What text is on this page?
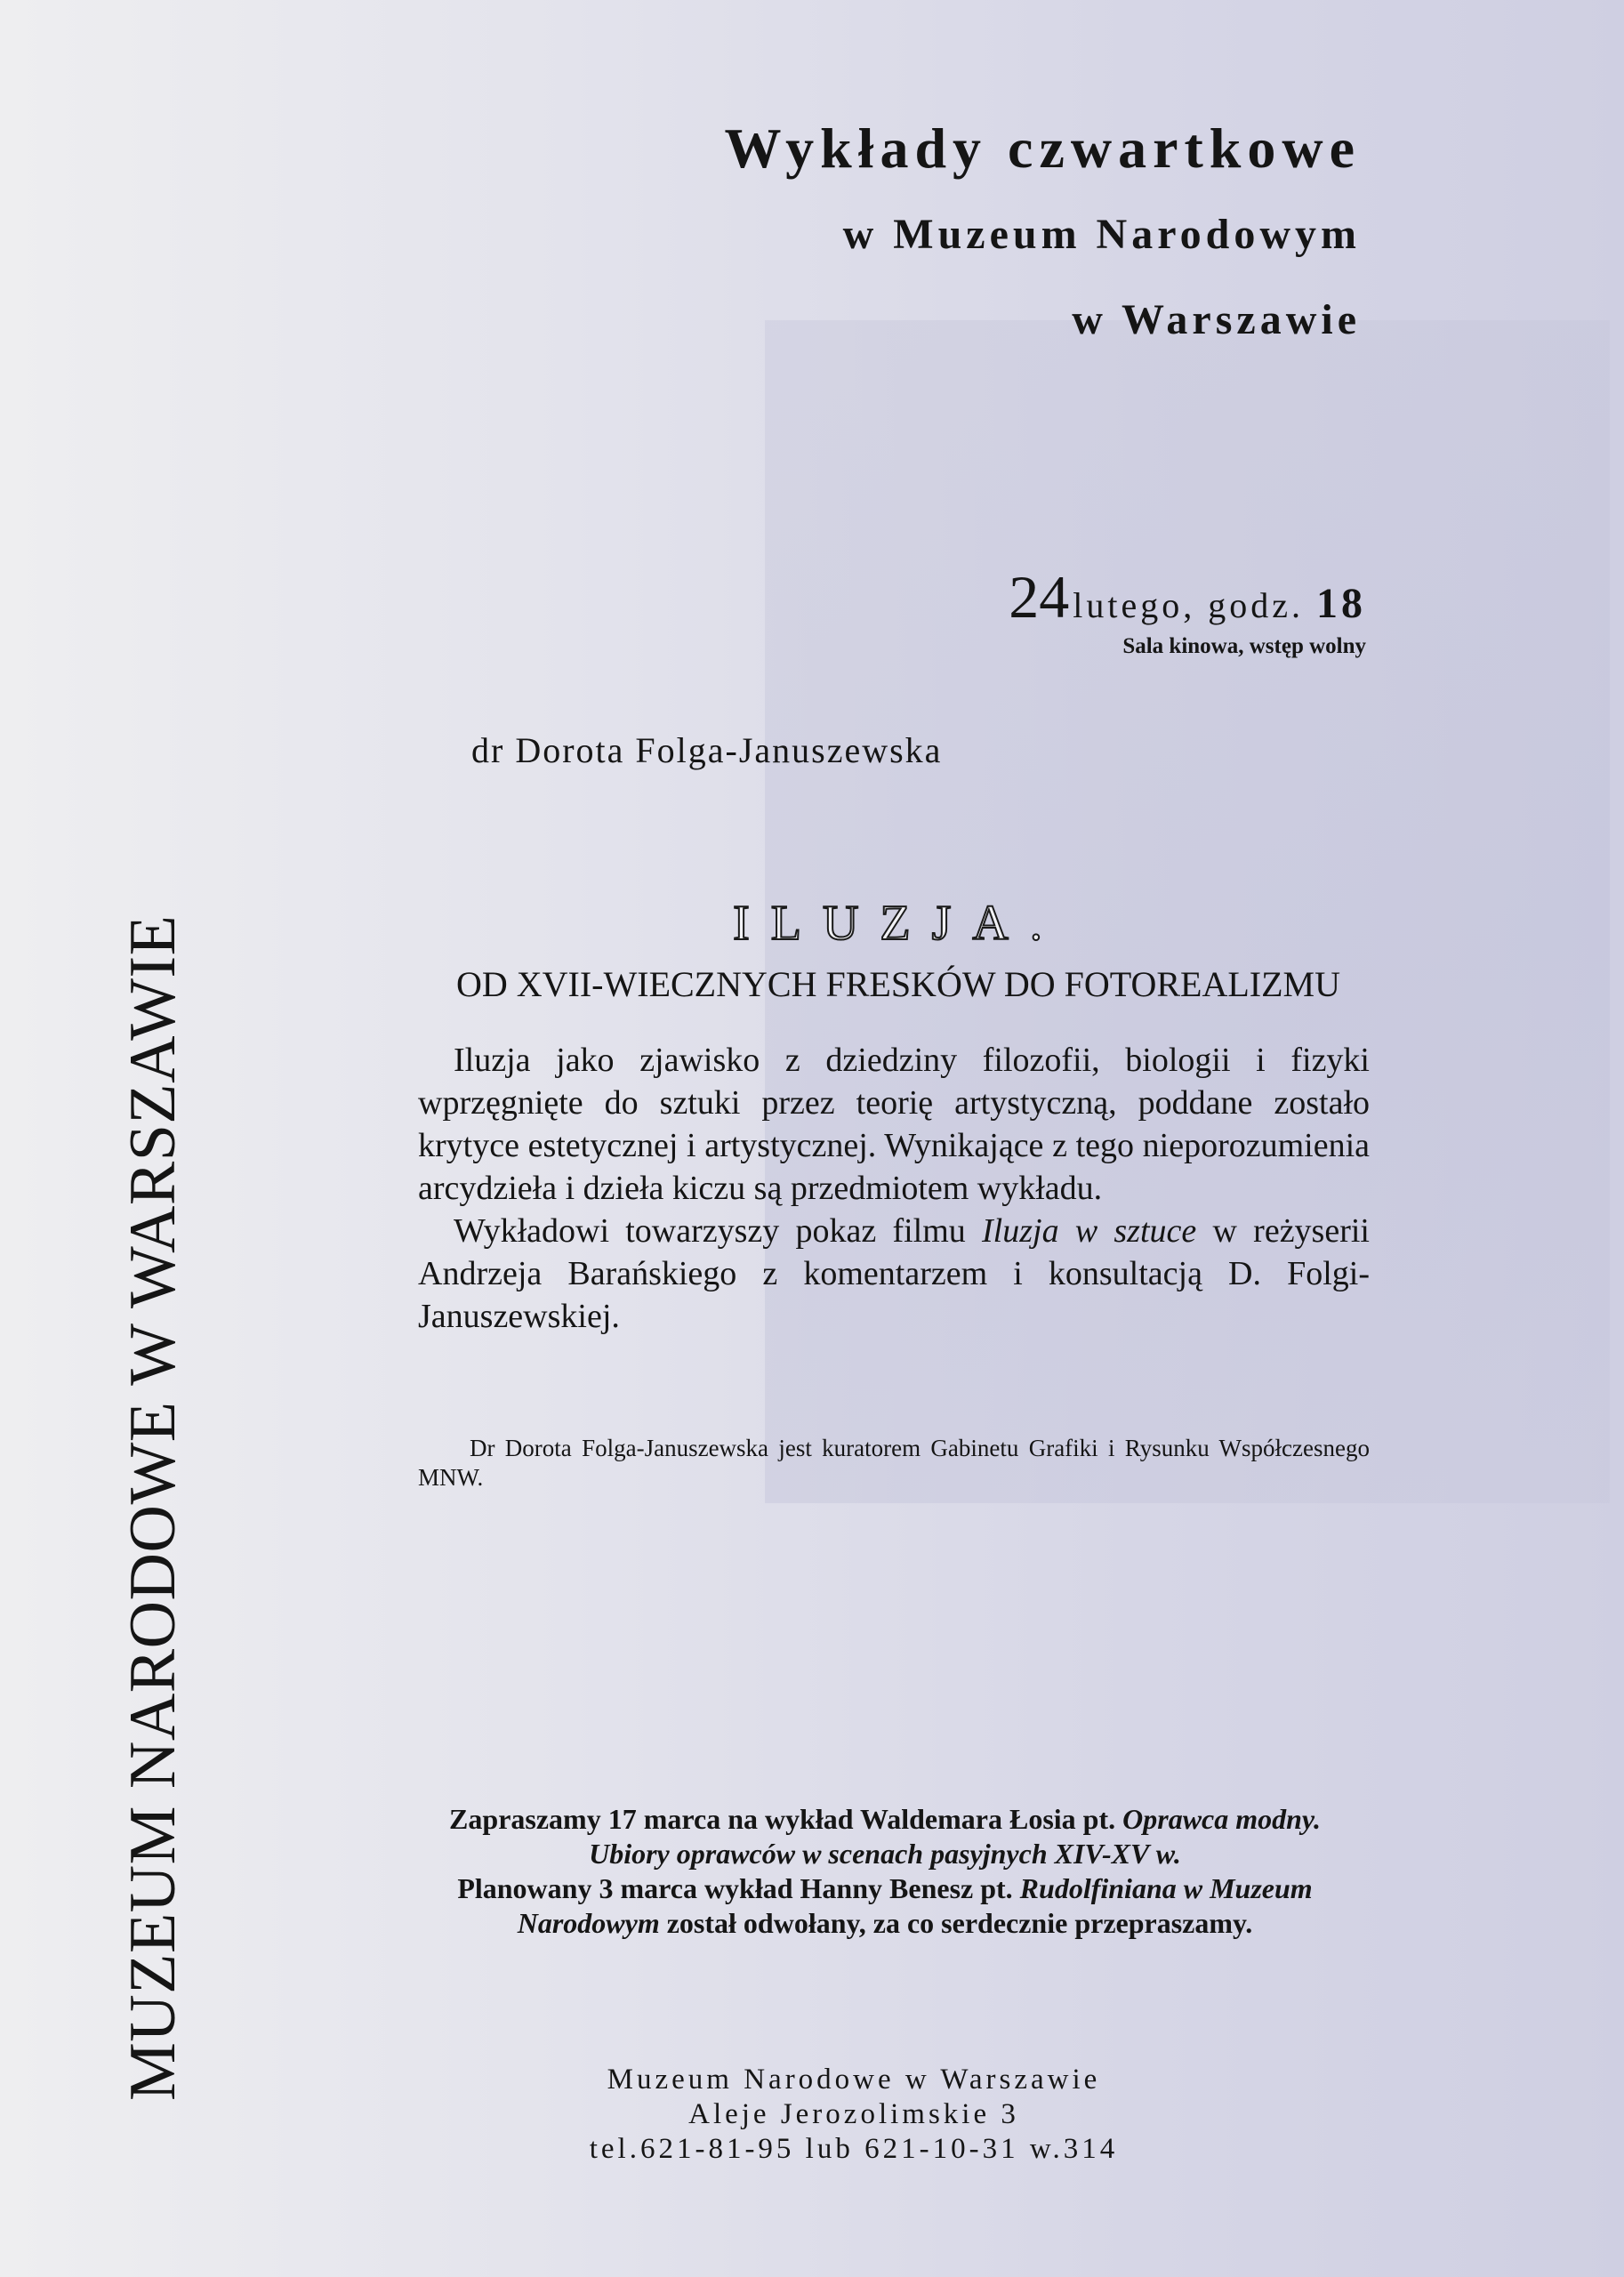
MUZEUM NARODOWE W WARSZAWIE
Wykłady czwartkowe
w Muzeum Narodowym
w Warszawie
24 lutego, godz. 18
Sala kinowa, wstęp wolny
dr Dorota Folga-Januszewska
ILUZJA.
OD XVII-WIECZNYCH FRESKÓW DO FOTOREALIZMU

Iluzja jako zjawisko z dziedziny filozofii, biologii i fizyki wprzęgnięte do sztuki przez teorię artystyczną, poddane zostało krytyce estetycznej i artystycznej. Wynikające z tego nieporozumienia arcydzieła i dzieła kiczu są przedmiotem wykładu.

Wykładowi towarzyszy pokaz filmu Iluzja w sztuce w reżyserii Andrzeja Barańskiego z komentarzem i konsultacją D. Folgi-Januszewskiej.

Dr Dorota Folga-Januszewska jest kuratorem Gabinetu Grafiki i Rysunku Współczesnego MNW.

Zapraszamy 17 marca na wykład Waldemara Łosia pt. Oprawca modny.
Ubiory oprawców w scenach pasyjnych XIV-XV w.
Planowany 3 marca wykład Hanny Benesz pt. Rudolfiniana w Muzeum
Narodowym został odwołany, za co serdecznie przepraszamy.
Muzeum Narodowe w Warszawie
Aleje Jerozolimskie 3
tel.621-81-95 lub 621-10-31 w.314
